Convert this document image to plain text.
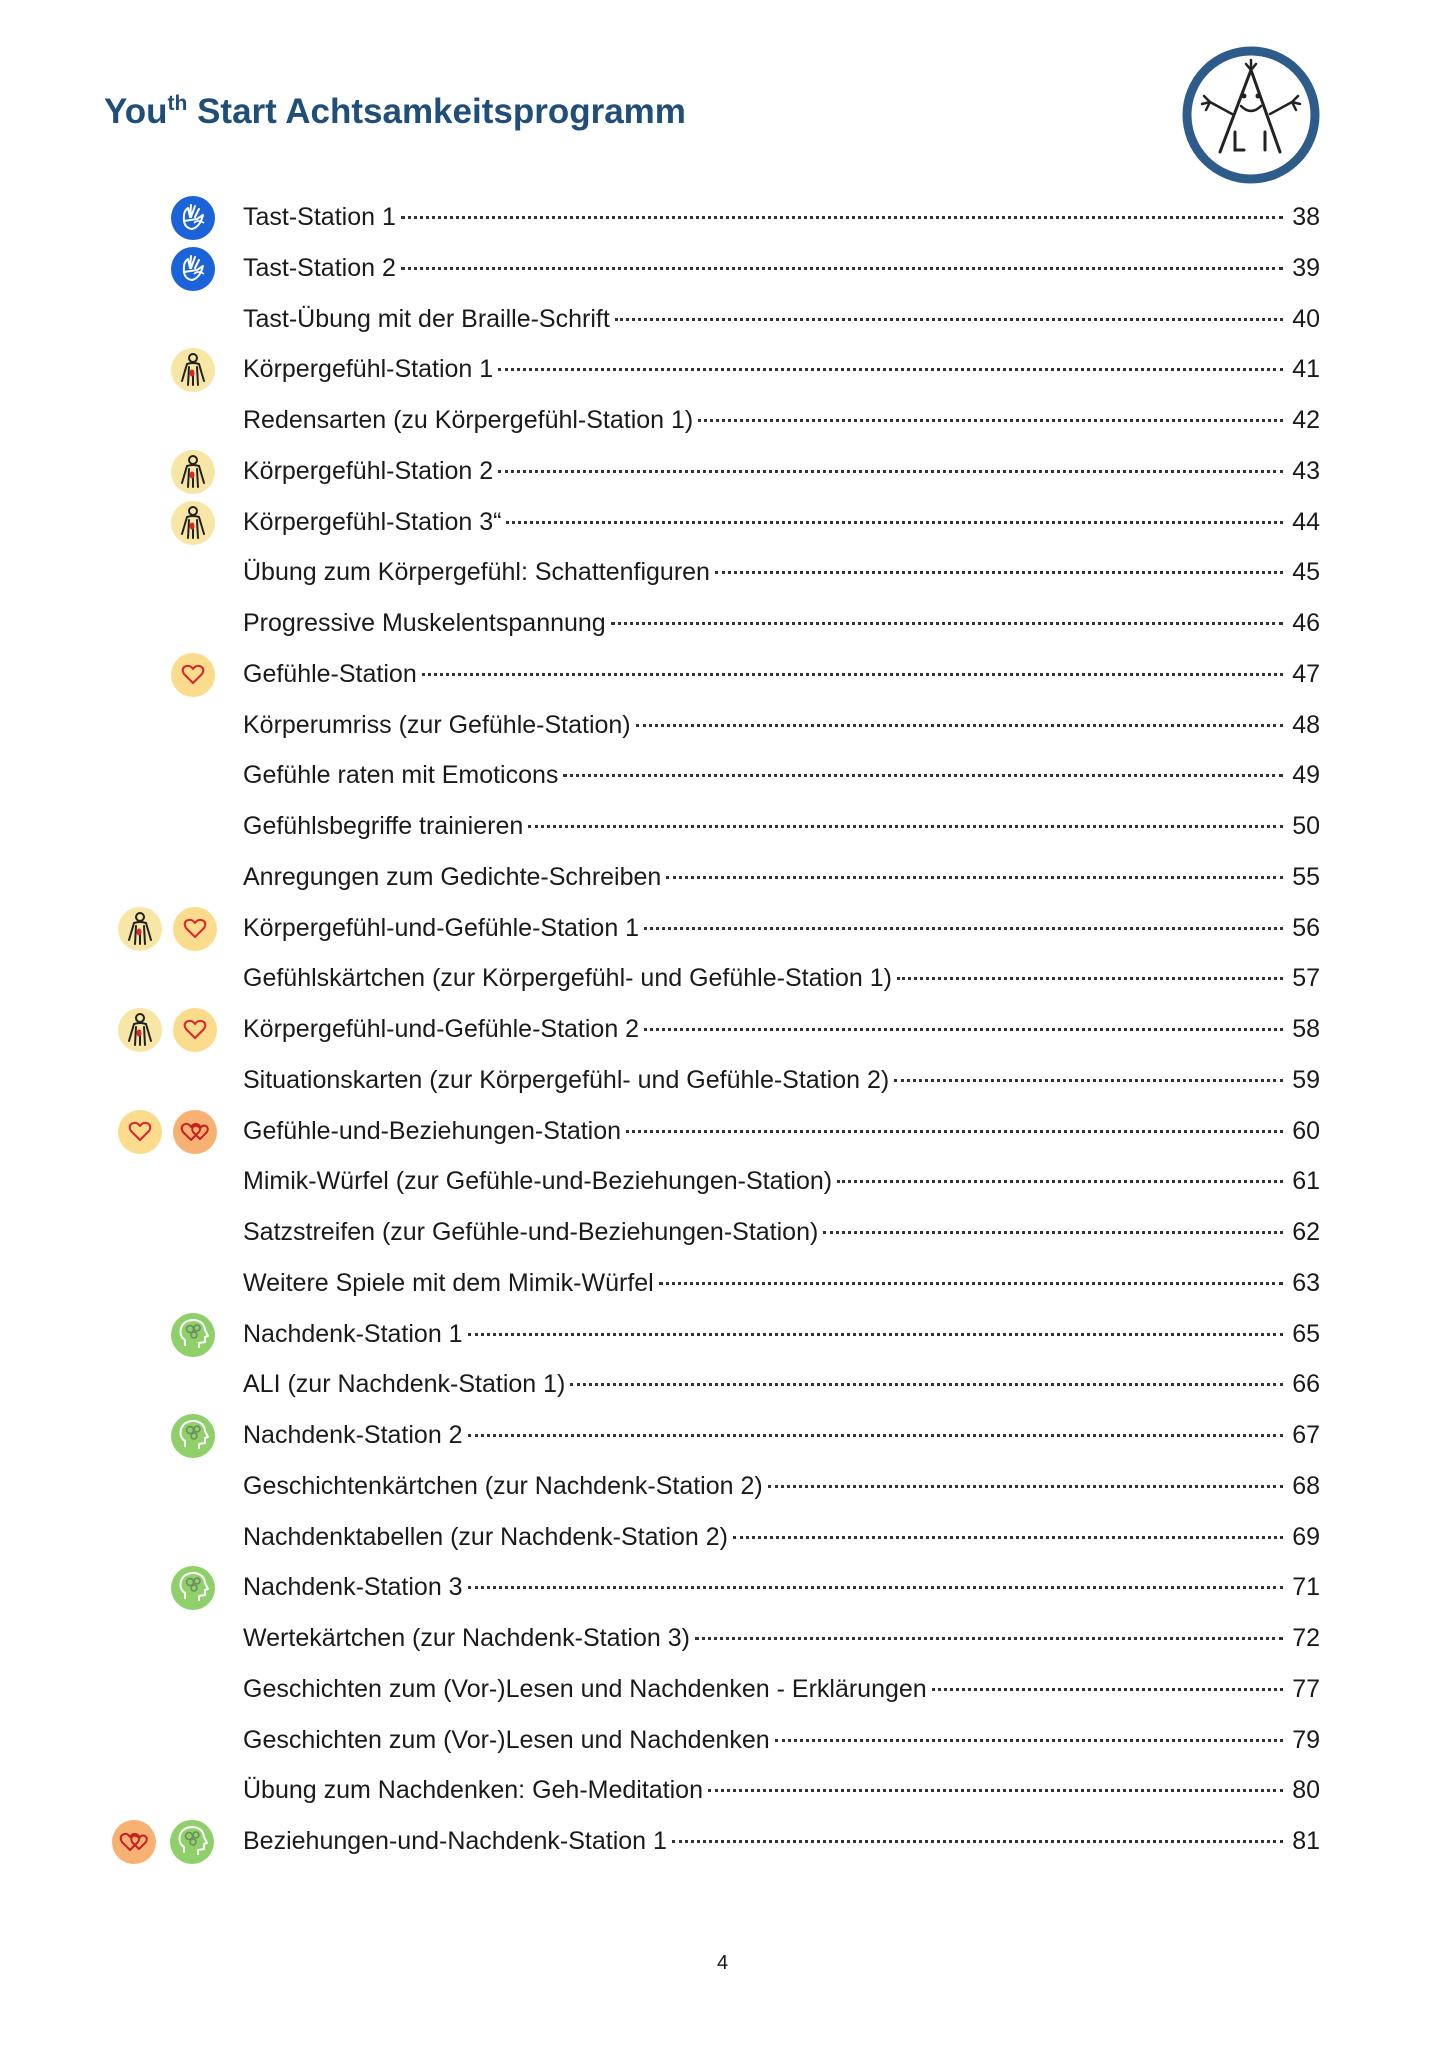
You$^{th}$ Start Achtsamkeitsprogramm
Tast-Station 1	38
Tast-Station 2	39
Tast-Übung mit der Braille-Schrift	40
Körpergefühl-Station 1	41
Redensarten (zu Körpergefühl-Station 1)	42
Körpergefühl-Station 2	43
Körpergefühl-Station 3“	44
Übung zum Körpergefühl: Schattenfiguren	45
Progressive Muskelentspannung	46
Gefühle-Station	47
Körperumriss (zur Gefühle-Station)	48
Gefühle raten mit Emoticons	49
Gefühlsbegriffe trainieren	50
Anregungen zum Gedichte-Schreiben	55
Körpergefühl-und-Gefühle-Station 1	56
Gefühlskärtchen (zur Körpergefühl- und Gefühle-Station 1)	57
Körpergefühl-und-Gefühle-Station 2	58
Situationskarten (zur Körpergefühl- und Gefühle-Station 2)	59
Gefühle-und-Beziehungen-Station	60
Mimik-Würfel (zur Gefühle-und-Beziehungen-Station)	61
Satzstreifen (zur Gefühle-und-Beziehungen-Station)	62
Weitere Spiele mit dem Mimik-Würfel	63
Nachdenk-Station 1	65
ALI (zur Nachdenk-Station 1)	66
Nachdenk-Station 2	67
Geschichtenkärtchen (zur Nachdenk-Station 2)	68
Nachdenktabellen (zur Nachdenk-Station 2)	69
Nachdenk-Station 3	71
Wertekärtchen (zur Nachdenk-Station 3)	72
Geschichten zum (Vor-)Lesen und Nachdenken - Erklärungen	77
Geschichten zum (Vor-)Lesen und Nachdenken	79
Übung zum Nachdenken: Geh-Meditation	80
Beziehungen-und-Nachdenk-Station 1	81
4
